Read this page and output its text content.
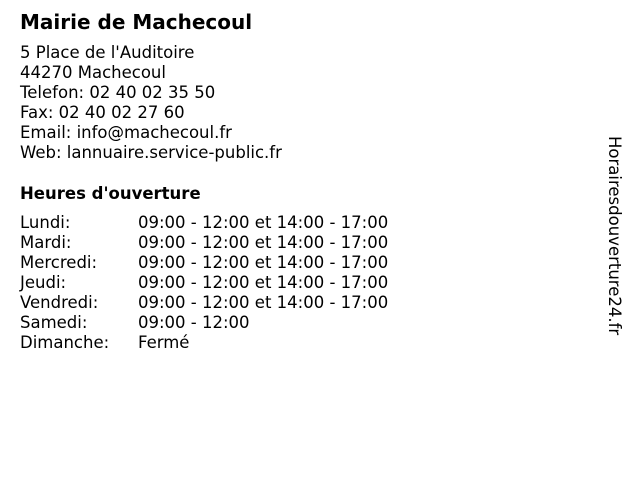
Mairie de Machecoul
5 Place de l'Auditoire
44270 Machecoul
Telefon: 02 40 02 35 50
Fax: 02 40 02 27 60
Email: info@machecoul.fr
Web: lannuaire.service-public.fr
Heures d'ouverture
Lundi:	09:00 - 12:00 et 14:00 - 17:00
Mardi:	09:00 - 12:00 et 14:00 - 17:00
Mercredi:	09:00 - 12:00 et 14:00 - 17:00
Jeudi:	09:00 - 12:00 et 14:00 - 17:00
Vendredi:	09:00 - 12:00 et 14:00 - 17:00
Samedi:	09:00 - 12:00
Dimanche:	Fermé
Horairesdouverture24.fr
